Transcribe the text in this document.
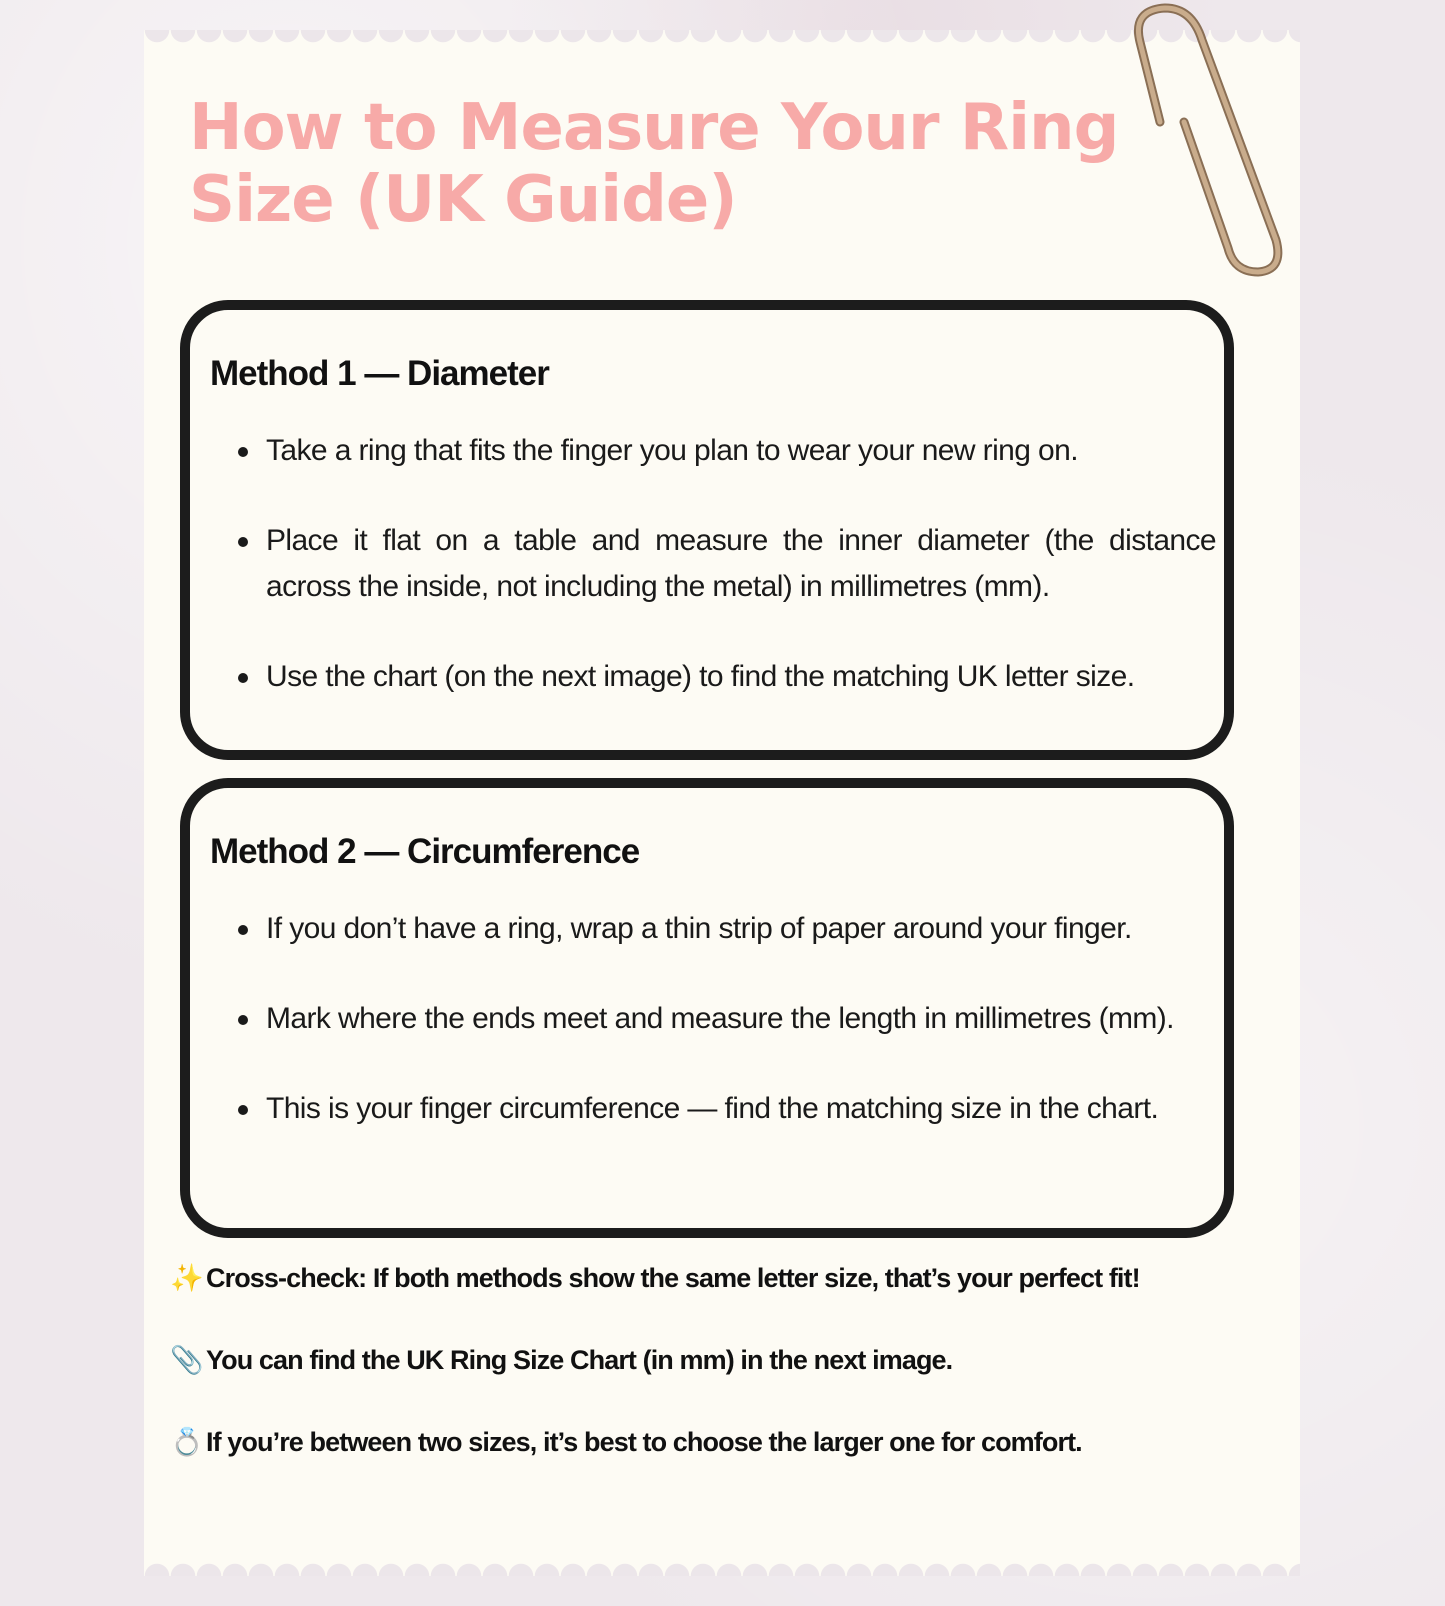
How to Measure Your Ring Size (UK Guide)
Method 1 — Diameter
Take a ring that fits the finger you plan to wear your new ring on.
Place it flat on a table and measure the inner diameter (the distance across the inside, not including the metal) in millimetres (mm).
Use the chart (on the next image) to find the matching UK letter size.
Method 2 — Circumference
If you don’t have a ring, wrap a thin strip of paper around your finger.
Mark where the ends meet and measure the length in millimetres (mm).
This is your finger circumference — find the matching size in the chart.

✨ Cross-check: If both methods show the same letter size, that’s your perfect fit!

📎 You can find the UK Ring Size Chart (in mm) in the next image.

💍 If you’re between two sizes, it’s best to choose the larger one for comfort.
